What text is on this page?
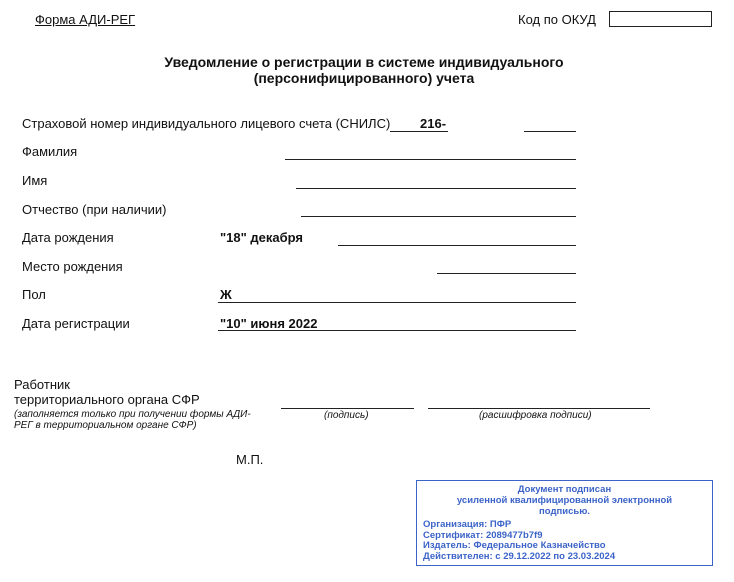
Форма АДИ-РЕГ	Код по ОКУД
Уведомление о регистрации в системе индивидуального
(персонифицированного) учета
Страховой номер индивидуального лицевого счета (СНИЛС) 216-
Фамилия
Имя
Отчество (при наличии)
Дата рождения	"18" декабря
Место рождения
Пол	Ж
Дата регистрации	"10" июня 2022
Работник
территориального органа СФР
(заполняется только при получении формы АДИ-
РЕГ в территориальном органе СФР)
(подпись)	(расшифровка подписи)
М.П.
Документ подписан
усиленной квалифицированной электронной
подписью.
Организация: ПФР
Сертификат: 2089477b7f9
Издатель: Федеральное Казначейство
Действителен: с 29.12.2022 по 23.03.2024
